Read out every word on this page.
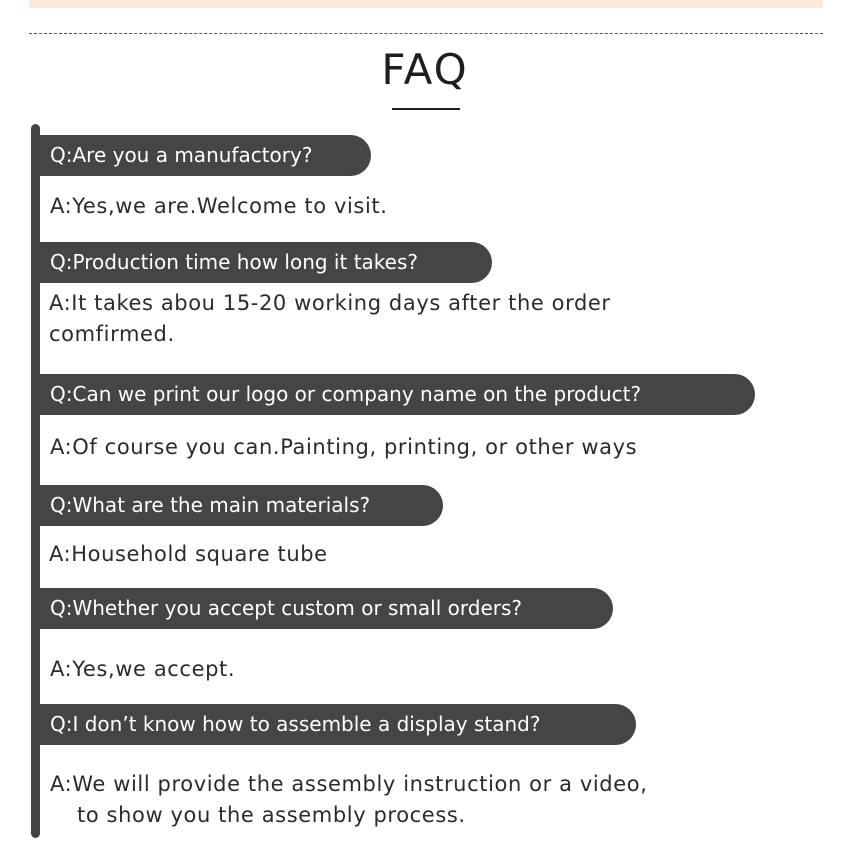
FAQ
Q:Are you a manufactory?
A:Yes,we are.Welcome to visit.
Q:Production time how long it takes?
A:It takes abou 15-20 working days after the order
comfirmed.
Q:Can we print our logo or company name on the product?
A:Of course you can.Painting, printing, or other ways
Q:What are the main materials?
A:Household square tube
Q:Whether you accept custom or small orders?
A:Yes,we accept.
Q:I don’t know how to assemble a display stand?
A:We will provide the assembly instruction or a video,
to show you the assembly process.
